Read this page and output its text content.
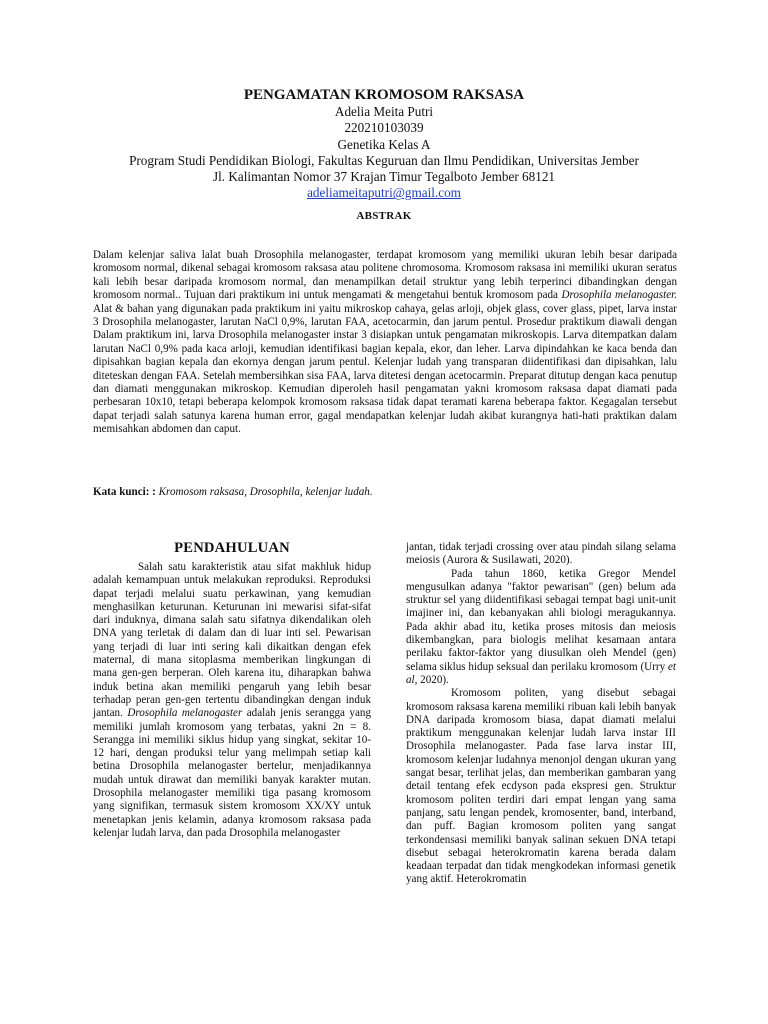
PENGAMATAN KROMOSOM RAKSASA
Adelia Meita Putri
220210103039
Genetika Kelas A
Program Studi Pendidikan Biologi, Fakultas Keguruan dan Ilmu Pendidikan, Universitas Jember
Jl. Kalimantan Nomor 37 Krajan Timur Tegalboto Jember 68121
adeliameitaputri@gmail.com
ABSTRAK

Dalam kelenjar saliva lalat buah Drosophila melanogaster, terdapat kromosom yang memiliki ukuran lebih besar daripada kromosom normal, dikenal sebagai kromosom raksasa atau politene chromosoma. Kromosom raksasa ini memiliki ukuran seratus kali lebih besar daripada kromosom normal, dan menampilkan detail struktur yang lebih terperinci dibandingkan dengan kromosom normal.. Tujuan dari praktikum ini untuk mengamati & mengetahui bentuk kromosom pada Drosophila melanogaster. Alat & bahan yang digunakan pada praktikum ini yaitu mikroskop cahaya, gelas arloji, objek glass, cover glass, pipet, larva instar 3 Drosophila melanogaster, larutan NaCl 0,9%, larutan FAA, acetocarmin, dan jarum pentul. Prosedur praktikum diawali dengan Dalam praktikum ini, larva Drosophila melanogaster instar 3 disiapkan untuk pengamatan mikroskopis. Larva ditempatkan dalam larutan NaCl 0,9% pada kaca arloji, kemudian identifikasi bagian kepala, ekor, dan leher. Larva dipindahkan ke kaca benda dan dipisahkan bagian kepala dan ekornya dengan jarum pentul. Kelenjar ludah yang transparan diidentifikasi dan dipisahkan, lalu diteteskan dengan FAA. Setelah membersihkan sisa FAA, larva ditetesi dengan acetocarmin. Preparat ditutup dengan kaca penutup dan diamati menggunakan mikroskop. Kemudian diperoleh hasil pengamatan yakni kromosom raksasa dapat diamati pada perbesaran 10x10, tetapi beberapa kelompok kromosom raksasa tidak dapat teramati karena beberapa faktor. Kegagalan tersebut dapat terjadi salah satunya karena human error, gagal mendapatkan kelenjar ludah akibat kurangnya hati-hati praktikan dalam memisahkan abdomen dan caput.

Kata kunci: : Kromosom raksasa, Drosophila, kelenjar ludah.

PENDAHULUAN

Salah satu karakteristik atau sifat makhluk hidup adalah kemampuan untuk melakukan reproduksi. Reproduksi dapat terjadi melalui suatu perkawinan, yang kemudian menghasilkan keturunan. Keturunan ini mewarisi sifat-sifat dari induknya, dimana salah satu sifatnya dikendalikan oleh DNA yang terletak di dalam dan di luar inti sel. Pewarisan yang terjadi di luar inti sering kali dikaitkan dengan efek maternal, di mana sitoplasma memberikan lingkungan di mana gen-gen berperan. Oleh karena itu, diharapkan bahwa induk betina akan memiliki pengaruh yang lebih besar terhadap peran gen-gen tertentu dibandingkan dengan induk jantan. Drosophila melanogaster adalah jenis serangga yang memiliki jumlah kromosom yang terbatas, yakni 2n = 8. Serangga ini memiliki siklus hidup yang singkat, sekitar 10-12 hari, dengan produksi telur yang melimpah setiap kali betina Drosophila melanogaster bertelur, menjadikannya mudah untuk dirawat dan memiliki banyak karakter mutan. Drosophila melanogaster memiliki tiga pasang kromosom yang signifikan, termasuk sistem kromosom XX/XY untuk menetapkan jenis kelamin, adanya kromosom raksasa pada kelenjar ludah larva, dan pada Drosophila melanogaster

jantan, tidak terjadi crossing over atau pindah silang selama meiosis (Aurora & Susilawati, 2020).

Pada tahun 1860, ketika Gregor Mendel mengusulkan adanya "faktor pewarisan" (gen) belum ada struktur sel yang diidentifikasi sebagai tempat bagi unit-unit imajiner ini, dan kebanyakan ahli biologi meragukannya. Pada akhir abad itu, ketika proses mitosis dan meiosis dikembangkan, para biologis melihat kesamaan antara perilaku faktor-faktor yang diusulkan oleh Mendel (gen) selama siklus hidup seksual dan perilaku kromosom (Urry et al, 2020).

Kromosom politen, yang disebut sebagai kromosom raksasa karena memiliki ribuan kali lebih banyak DNA daripada kromosom biasa, dapat diamati melalui praktikum menggunakan kelenjar ludah larva instar III Drosophila melanogaster. Pada fase larva instar III, kromosom kelenjar ludahnya menonjol dengan ukuran yang sangat besar, terlihat jelas, dan memberikan gambaran yang detail tentang efek ecdyson pada ekspresi gen. Struktur kromosom politen terdiri dari empat lengan yang sama panjang, satu lengan pendek, kromosenter, band, interband, dan puff. Bagian kromosom politen yang sangat terkondensasi memiliki banyak salinan sekuen DNA tetapi disebut sebagai heterokromatin karena berada dalam keadaan terpadat dan tidak mengkodekan informasi genetik yang aktif. Heterokromatin
